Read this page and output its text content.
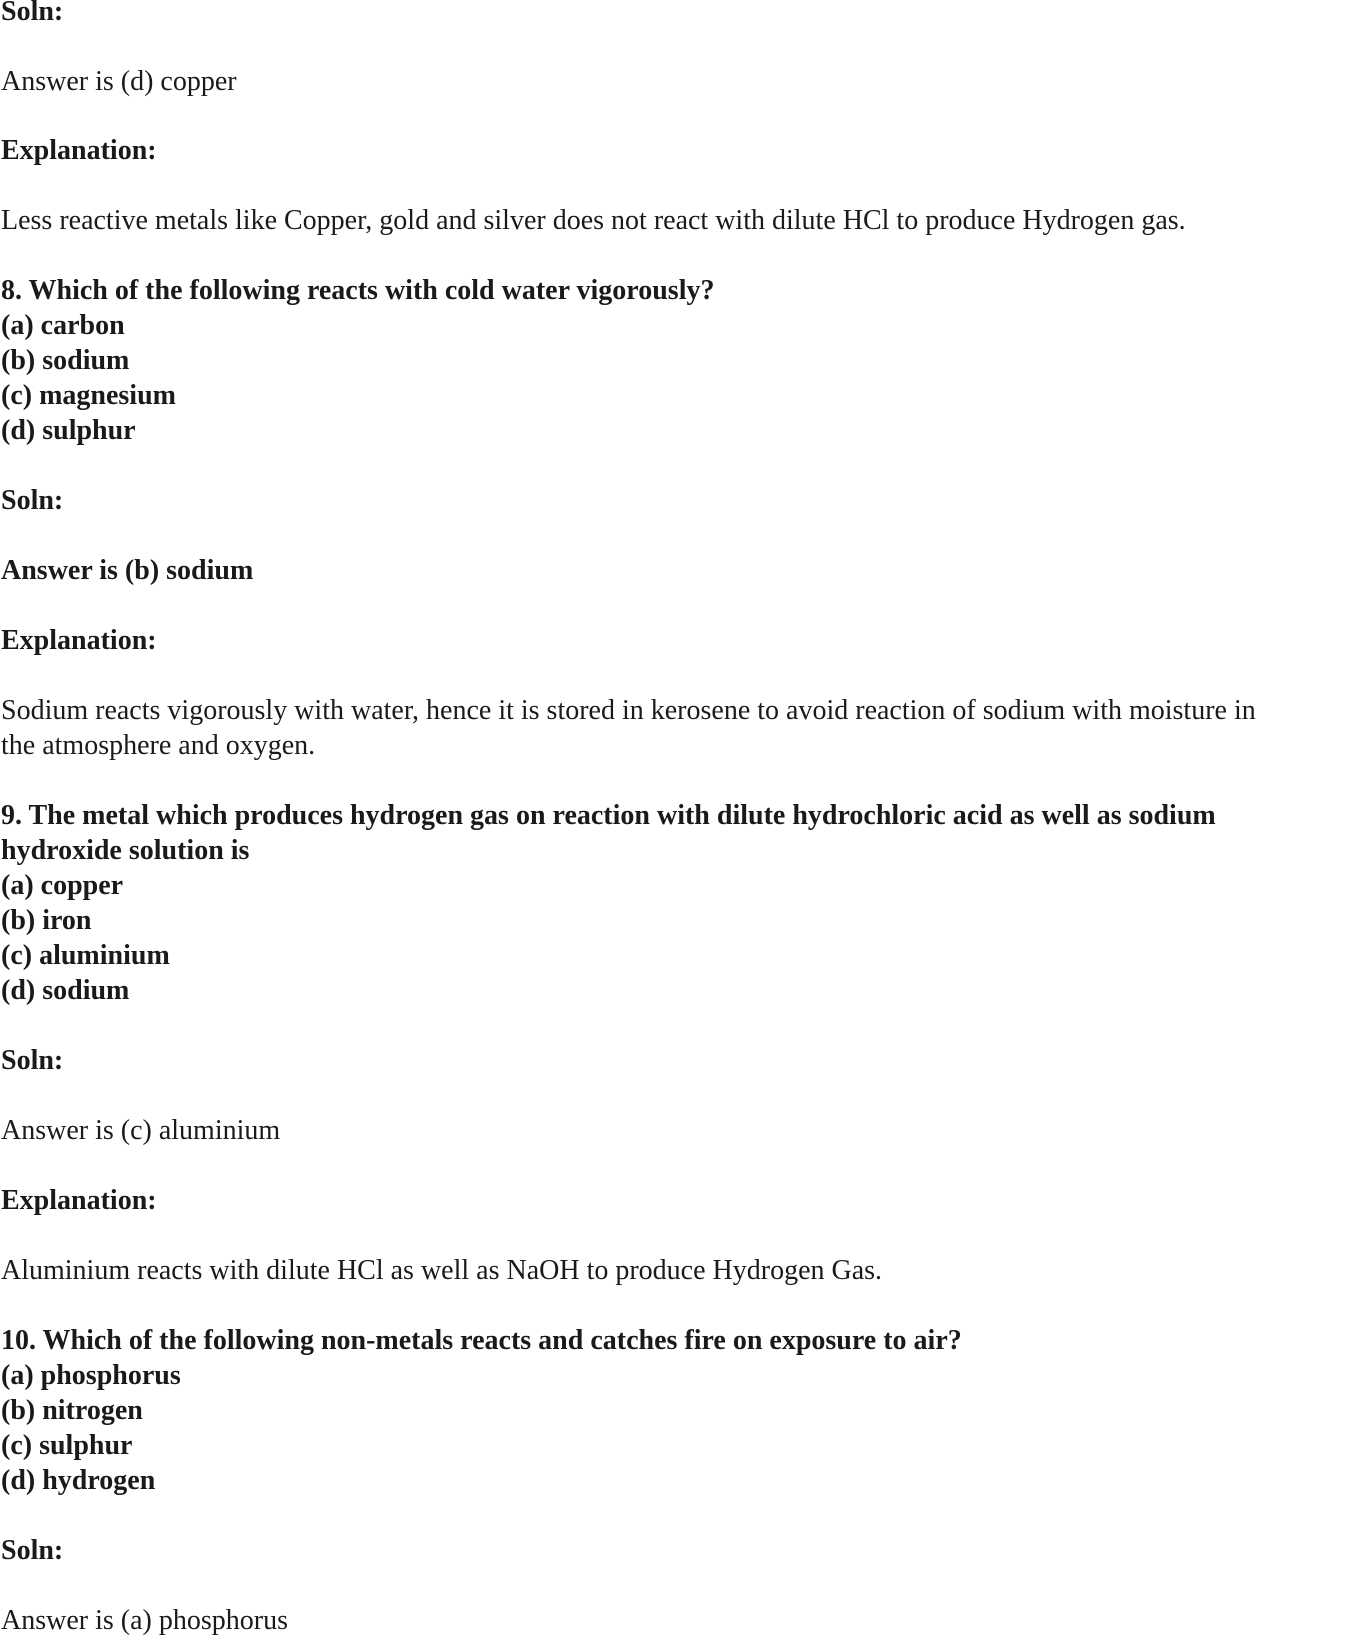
Soln:
Answer is (d) copper
Explanation:
Less reactive metals like Copper, gold and silver does not react with dilute HCl to produce Hydrogen gas.
8. Which of the following reacts with cold water vigorously?
(a) carbon
(b) sodium
(c) magnesium
(d) sulphur
Soln:
Answer is (b) sodium
Explanation:
Sodium reacts vigorously with water, hence it is stored in kerosene to avoid reaction of sodium with moisture in
the atmosphere and oxygen.
9. The metal which produces hydrogen gas on reaction with dilute hydrochloric acid as well as sodium
hydroxide solution is
(a) copper
(b) iron
(c) aluminium
(d) sodium
Soln:
Answer is (c) aluminium
Explanation:
Aluminium reacts with dilute HCl as well as NaOH to produce Hydrogen Gas.
10. Which of the following non-metals reacts and catches fire on exposure to air?
(a) phosphorus
(b) nitrogen
(c) sulphur
(d) hydrogen
Soln:
Answer is (a) phosphorus
